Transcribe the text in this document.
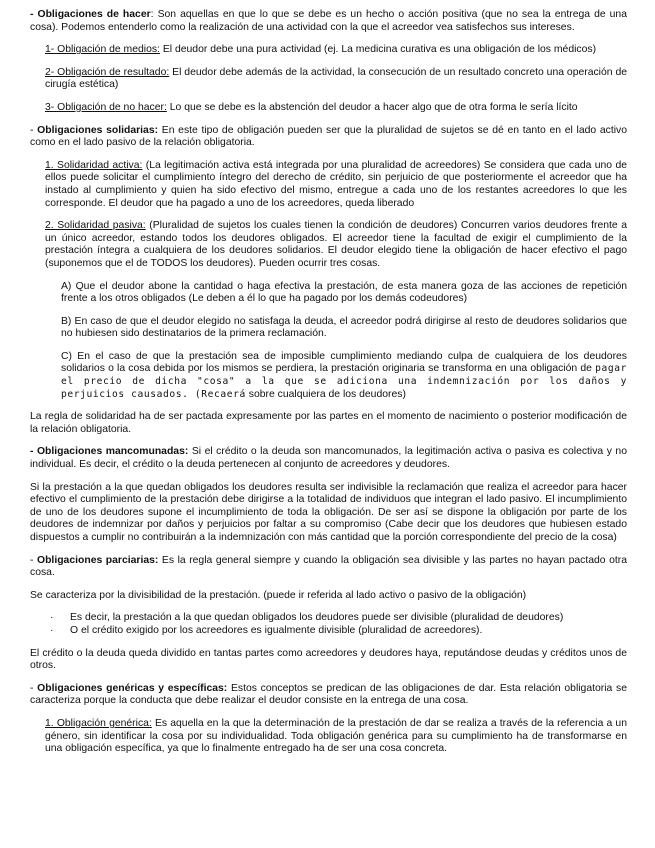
- Obligaciones de hacer: Son aquellas en que lo que se debe es un hecho o acción positiva (que no sea la entrega de una cosa). Podemos entenderlo como la realización de una actividad con la que el acreedor vea satisfechos sus intereses.

1- Obligación de medios: El deudor debe una pura actividad (ej. La medicina curativa es una obligación de los médicos)

2- Obligación de resultado: El deudor debe además de la actividad, la consecución de un resultado concreto una operación de cirugía estética)

3- Obligación de no hacer: Lo que se debe es la abstención del deudor a hacer algo que de otra forma le sería lícito

- Obligaciones solidarias: En este tipo de obligación pueden ser que la pluralidad de sujetos se dé en tanto en el lado activo como en el lado pasivo de la relación obligatoria.

1. Solidaridad activa: (La legitimación activa está integrada por una pluralidad de acreedores) Se considera que cada uno de ellos puede solicitar el cumplimiento íntegro del derecho de crédito, sin perjuicio de que posteriormente el acreedor que ha instado al cumplimiento y quien ha sido efectivo del mismo, entregue a cada uno de los restantes acreedores lo que les corresponde. El deudor que ha pagado a uno de los acreedores, queda liberado

2. Solidaridad pasiva: (Pluralidad de sujetos los cuales tienen la condición de deudores) Concurren varios deudores frente a un único acreedor, estando todos los deudores obligados. El acreedor tiene la facultad de exigir el cumplimiento de la prestación íntegra a cualquiera de los deudores solidarios. El deudor elegido tiene la obligación de hacer efectivo el pago (suponemos que el de TODOS los deudores). Pueden ocurrir tres cosas.

A) Que el deudor abone la cantidad o haga efectiva la prestación, de esta manera goza de las acciones de repetición frente a los otros obligados (Le deben a él lo que ha pagado por los demás codeudores)

B) En caso de que el deudor elegido no satisfaga la deuda, el acreedor podrá dirigirse al resto de deudores solidarios que no hubiesen sido destinatarios de la primera reclamación.

C) En el caso de que la prestación sea de imposible cumplimiento mediando culpa de cualquiera de los deudores solidarios o la cosa debida por los mismos se perdiera, la prestación originaria se transforma en una obligación de pagar el precio de dicha "cosa" a la que se adiciona una indemnización por los daños y perjuicios causados. (Recaerá sobre cualquiera de los deudores)

La regla de solidaridad ha de ser pactada expresamente por las partes en el momento de nacimiento o posterior modificación de la relación obligatoria.

- Obligaciones mancomunadas: Si el crédito o la deuda son mancomunados, la legitimación activa o pasiva es colectiva y no individual. Es decir, el crédito o la deuda pertenecen al conjunto de acreedores y deudores.

Si la prestación a la que quedan obligados los deudores resulta ser indivisible la reclamación que realiza el acreedor para hacer efectivo el cumplimiento de la prestación debe dirigirse a la totalidad de individuos que integran el lado pasivo. El incumplimiento de uno de los deudores supone el incumplimiento de toda la obligación. De ser así se dispone la obligación por parte de los deudores de indemnizar por daños y perjuicios por faltar a su compromiso (Cabe decir que los deudores que hubiesen estado dispuestos a cumplir no contribuirán a la indemnización con más cantidad que la porción correspondiente del precio de la cosa)

- Obligaciones parciarias: Es la regla general siempre y cuando la obligación sea divisible y las partes no hayan pactado otra cosa.

Se caracteriza por la divisibilidad de la prestación. (puede ir referida al lado activo o pasivo de la obligación)

· Es decir, la prestación a la que quedan obligados los deudores puede ser divisible (pluralidad de deudores)
· O el crédito exigido por los acreedores es igualmente divisible (pluralidad de acreedores).

El crédito o la deuda queda dividido en tantas partes como acreedores y deudores haya, reputándose deudas y créditos unos de otros.

- Obligaciones genéricas y específicas: Estos conceptos se predican de las obligaciones de dar. Esta relación obligatoria se caracteriza porque la conducta que debe realizar el deudor consiste en la entrega de una cosa.

1. Obligación genérica: Es aquella en la que la determinación de la prestación de dar se realiza a través de la referencia a un género, sin identificar la cosa por su individualidad. Toda obligación genérica para su cumplimiento ha de transformarse en una obligación específica, ya que lo finalmente entregado ha de ser una cosa concreta.
